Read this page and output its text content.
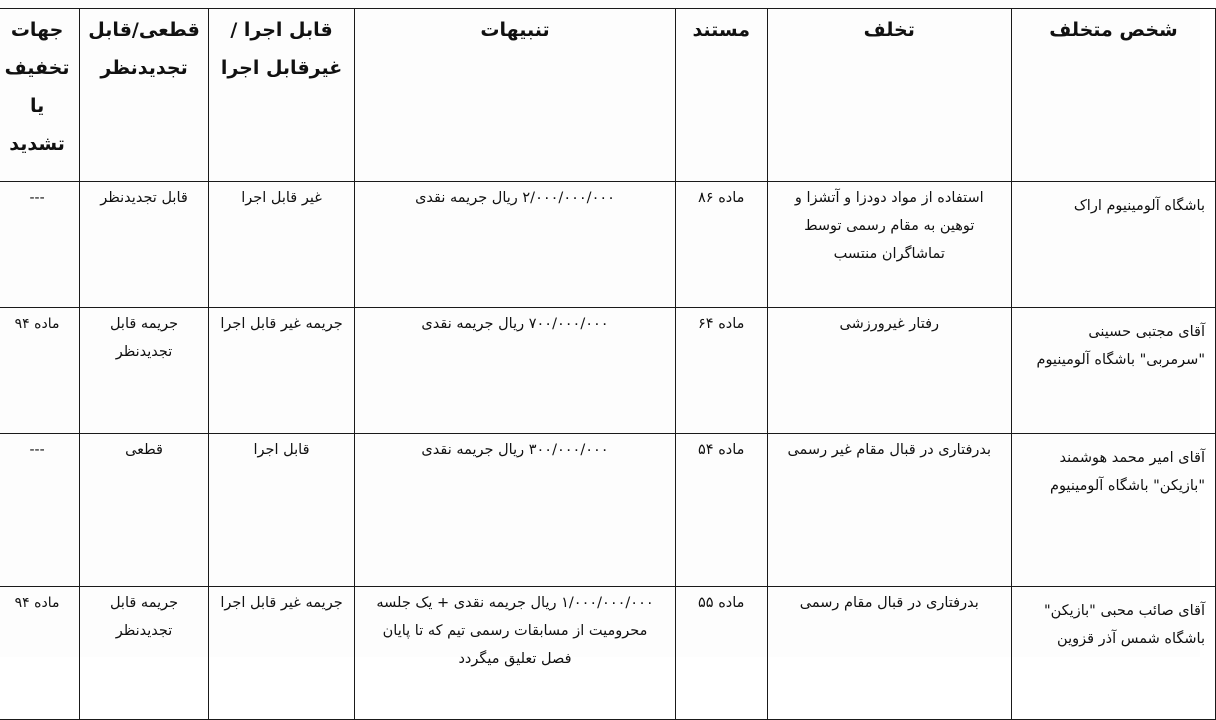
شخص متخلف	تخلف	مستند	تنبیهات	قابل اجرا /غیرقابل اجرا	قطعی/قابل تجدیدنظر	جهات تخفیف یا تشدید
باشگاه آلومینیوم اراک	استفاده از مواد دودزا و آتشزا و توهین به مقام رسمی توسط تماشاگران منتسب	ماده ۸۶	۲/۰۰۰/۰۰۰/۰۰۰ ریال جریمه نقدی	غیر قابل اجرا	قابل تجدیدنظر	---
آقای مجتبی حسینی "سرمربی" باشگاه آلومینیوم	رفتار غیرورزشی	ماده ۶۴	۷۰۰/۰۰۰/۰۰۰ ریال جریمه نقدی	جریمه غیر قابل اجرا	جریمه قابل تجدیدنظر	ماده ۹۴
آقای امیر محمد هوشمند "بازیکن" باشگاه آلومینیوم	بدرفتاری در قبال مقام غیر رسمی	ماده ۵۴	۳۰۰/۰۰۰/۰۰۰ ریال جریمه نقدی	قابل اجرا	قطعی	---
آقای صائب محبی "بازیکن" باشگاه شمس آذر قزوین	بدرفتاری در قبال مقام رسمی	ماده ۵۵	۱/۰۰۰/۰۰۰/۰۰۰ ریال جریمه نقدی + یک جلسه محرومیت از مسابقات رسمی تیم که تا پایان فصل تعلیق میگردد	جریمه غیر قابل اجرا	جریمه قابل تجدیدنظر	ماده ۹۴
